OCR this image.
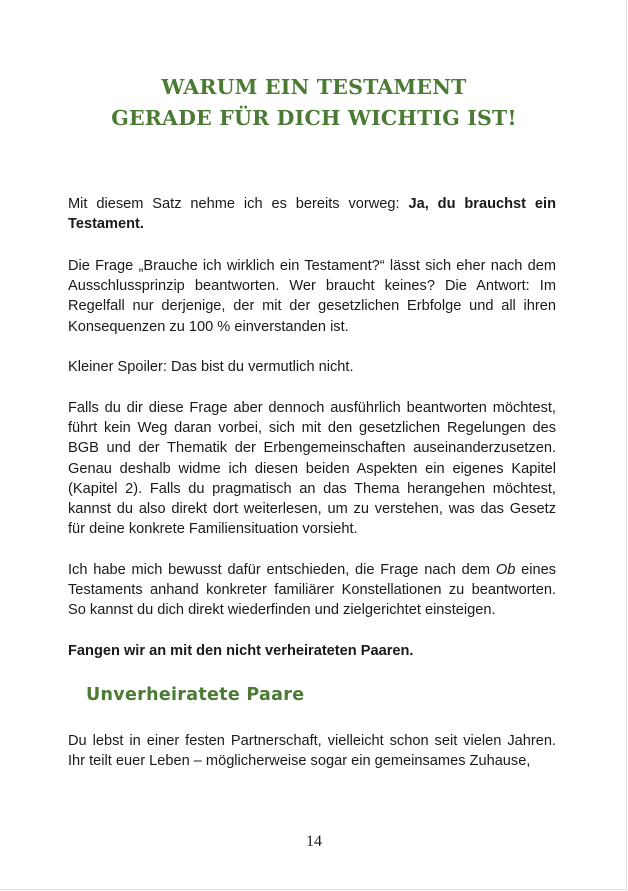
WARUM EIN TESTAMENT
GERADE FÜR DICH WICHTIG IST!

Mit diesem Satz nehme ich es bereits vorweg: Ja, du brauchst ein Testament.

Die Frage „Brauche ich wirklich ein Testament?“ lässt sich eher nach dem Ausschlussprinzip beantworten. Wer braucht keines? Die Antwort: Im Regelfall nur derjenige, der mit der gesetzlichen Erbfolge und all ihren Konsequenzen zu 100 % einverstanden ist.

Kleiner Spoiler: Das bist du vermutlich nicht.

Falls du dir diese Frage aber dennoch ausführlich beantworten möchtest, führt kein Weg daran vorbei, sich mit den gesetzlichen Regelungen des BGB und der Thematik der Erbengemeinschaften auseinanderzusetzen. Genau deshalb widme ich diesen beiden Aspekten ein eigenes Kapitel (Kapitel 2). Falls du pragmatisch an das Thema herangehen möchtest, kannst du also direkt dort weiterlesen, um zu verstehen, was das Gesetz für deine konkrete Familiensituation vorsieht.

Ich habe mich bewusst dafür entschieden, die Frage nach dem Ob eines Testaments anhand konkreter familiärer Konstellationen zu beantworten. So kannst du dich direkt wiederfinden und zielgerichtet einsteigen.

Fangen wir an mit den nicht verheirateten Paaren.

Unverheiratete Paare

Du lebst in einer festen Partnerschaft, vielleicht schon seit vielen Jahren. Ihr teilt euer Leben – möglicherweise sogar ein gemeinsames Zuhause,

14
